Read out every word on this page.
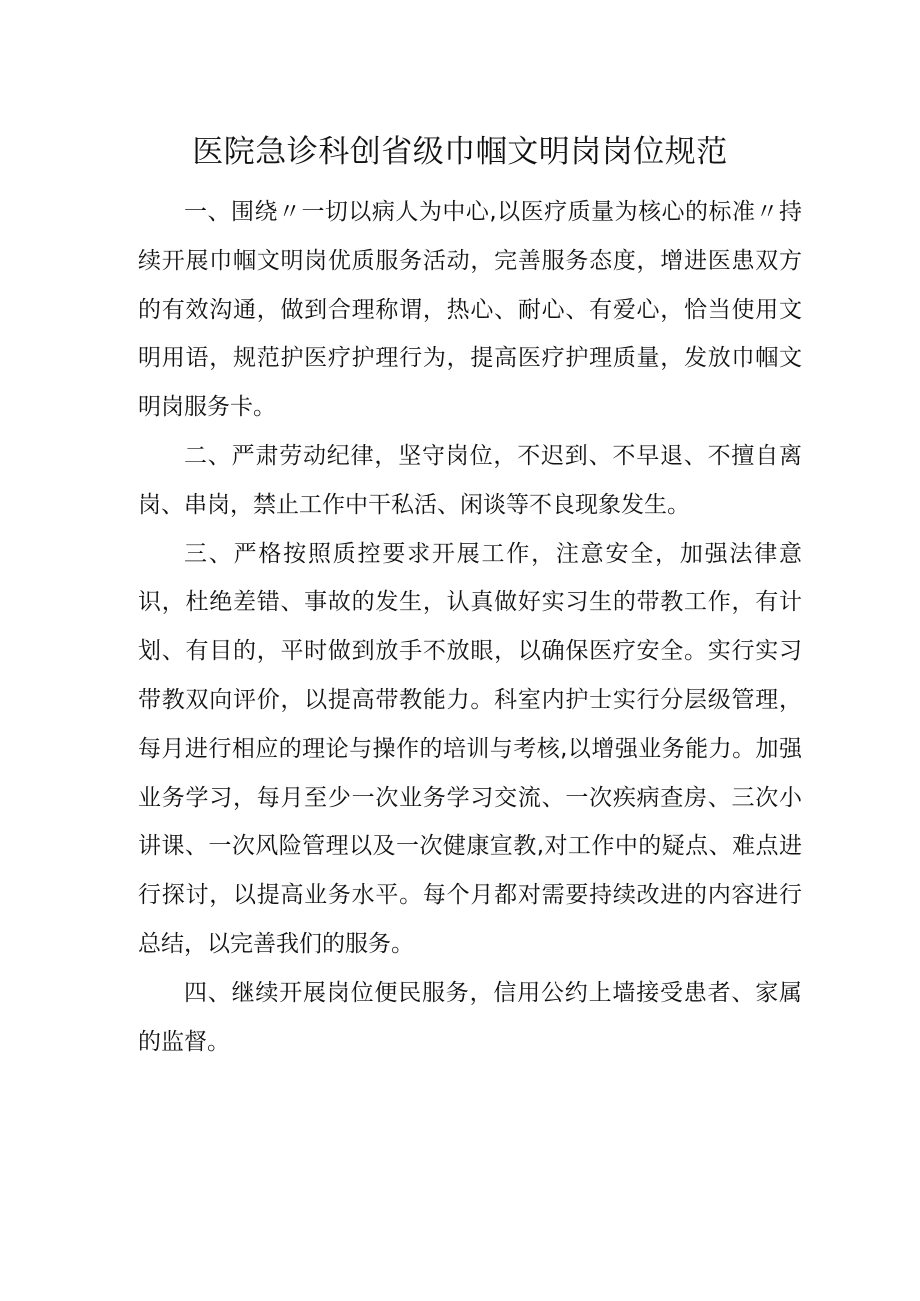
医院急诊科创省级巾帼文明岗岗位规范

一、围绕〃一切以病人为中心,以医疗质量为核心的标准〃持续开展巾帼文明岗优质服务活动，完善服务态度，增进医患双方的有效沟通，做到合理称谓，热心、耐心、有爱心，恰当使用文明用语，规范护医疗护理行为，提高医疗护理质量，发放巾帼文明岗服务卡。

二、严肃劳动纪律，坚守岗位，不迟到、不早退、不擅自离岗、串岗，禁止工作中干私活、闲谈等不良现象发生。

三、严格按照质控要求开展工作，注意安全，加强法律意识，杜绝差错、事故的发生，认真做好实习生的带教工作，有计划、有目的，平时做到放手不放眼，以确保医疗安全。实行实习带教双向评价，以提高带教能力。科室内护士实行分层级管理，每月进行相应的理论与操作的培训与考核,以增强业务能力。加强业务学习，每月至少一次业务学习交流、一次疾病查房、三次小讲课、一次风险管理以及一次健康宣教,对工作中的疑点、难点进行探讨，以提高业务水平。每个月都对需要持续改进的内容进行总结，以完善我们的服务。

四、继续开展岗位便民服务，信用公约上墙接受患者、家属的监督。
